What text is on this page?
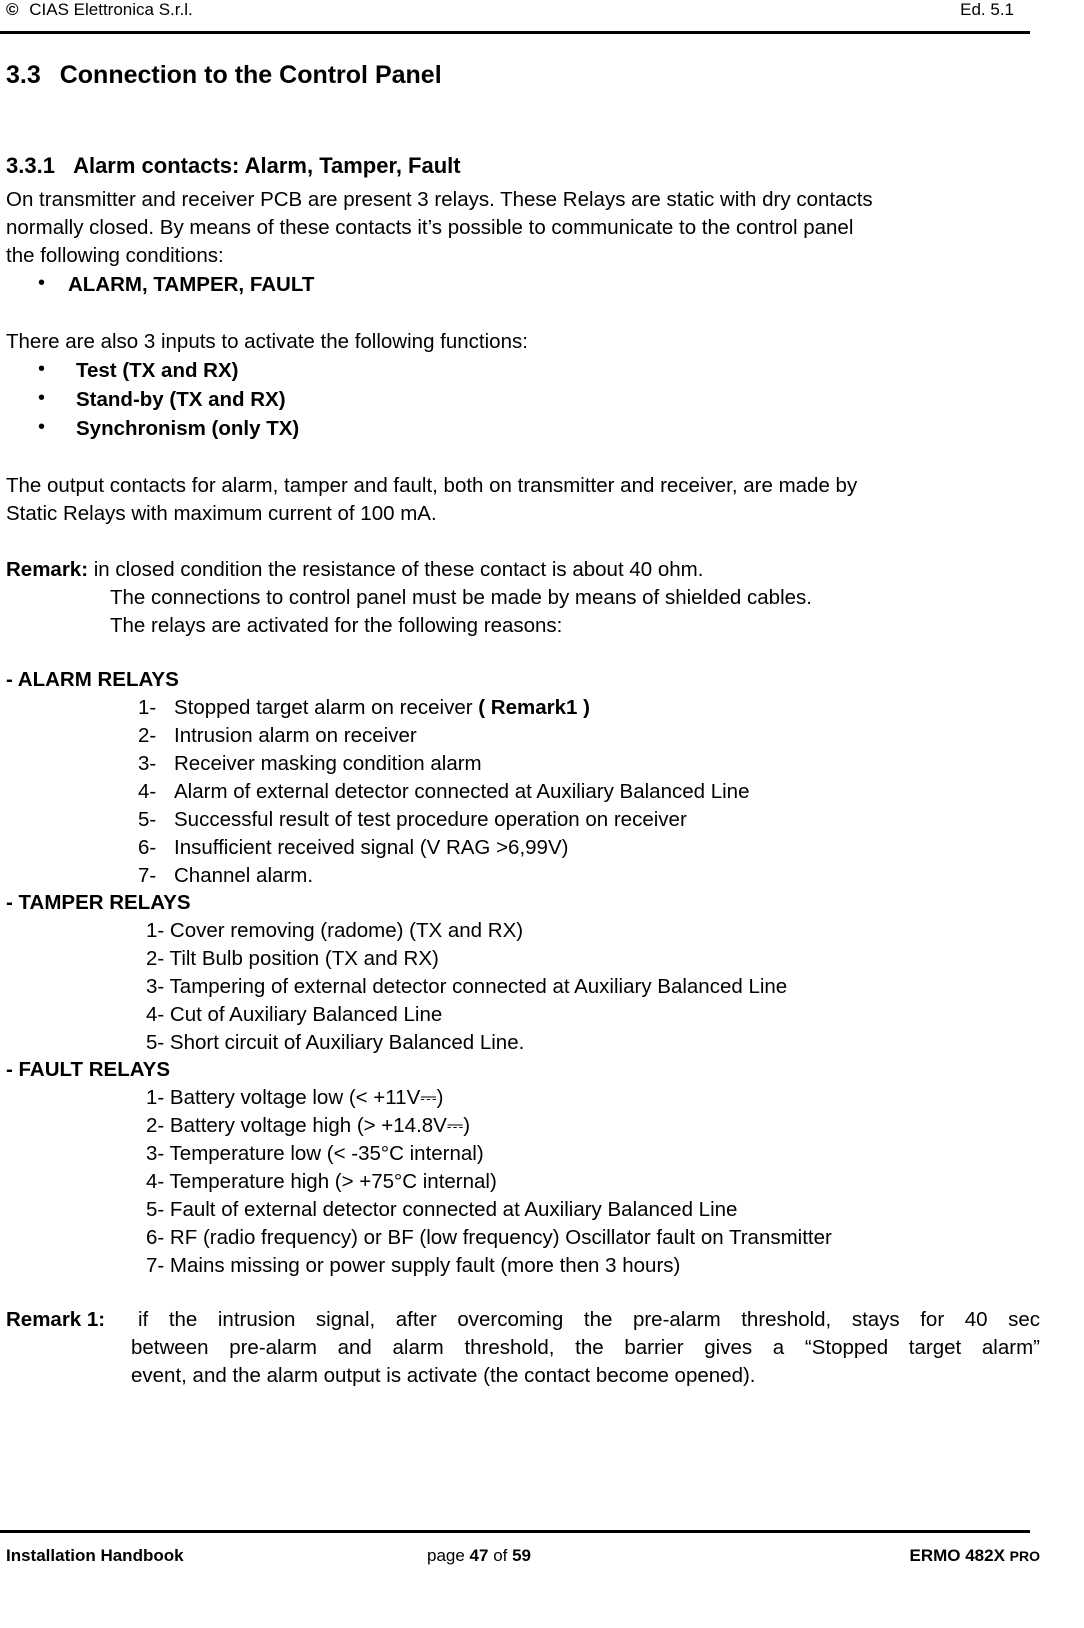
© CIAS Elettronica S.r.l.	Ed. 5.1
3.3 Connection to the Control Panel
3.3.1 Alarm contacts: Alarm, Tamper, Fault
On transmitter and receiver PCB are present 3 relays. These Relays are static with dry contacts
normally closed. By means of these contacts it’s possible to communicate to the control panel
the following conditions:
• ALARM, TAMPER, FAULT
There are also 3 inputs to activate the following functions:
• Test (TX and RX)
• Stand-by (TX and RX)
• Synchronism (only TX)
The output contacts for alarm, tamper and fault, both on transmitter and receiver, are made by
Static Relays with maximum current of 100 mA.
Remark: in closed condition the resistance of these contact is about 40 ohm.
The connections to control panel must be made by means of shielded cables.
The relays are activated for the following reasons:
- ALARM RELAYS
1- Stopped target alarm on receiver ( Remark1 )
2- Intrusion alarm on receiver
3- Receiver masking condition alarm
4- Alarm of external detector connected at Auxiliary Balanced Line
5- Successful result of test procedure operation on receiver
6- Insufficient received signal (V RAG >6,99V)
7- Channel alarm.
- TAMPER RELAYS
1- Cover removing (radome) (TX and RX)
2- Tilt Bulb position (TX and RX)
3- Tampering of external detector connected at Auxiliary Balanced Line
4- Cut of Auxiliary Balanced Line
5- Short circuit of Auxiliary Balanced Line.
- FAULT RELAYS
1- Battery voltage low (< +11V⎓)
2- Battery voltage high (> +14.8V⎓)
3- Temperature low (< -35°C internal)
4- Temperature high (> +75°C internal)
5- Fault of external detector connected at Auxiliary Balanced Line
6- RF (radio frequency) or BF (low frequency) Oscillator fault on Transmitter
7- Mains missing or power supply fault (more then 3 hours)
Remark 1: if the intrusion signal, after overcoming the pre-alarm threshold, stays for 40 sec
between pre-alarm and alarm threshold, the barrier gives a “Stopped target alarm”
event, and the alarm output is activate (the contact become opened).
Installation Handbook	page 47 of 59	ERMO 482X PRO
